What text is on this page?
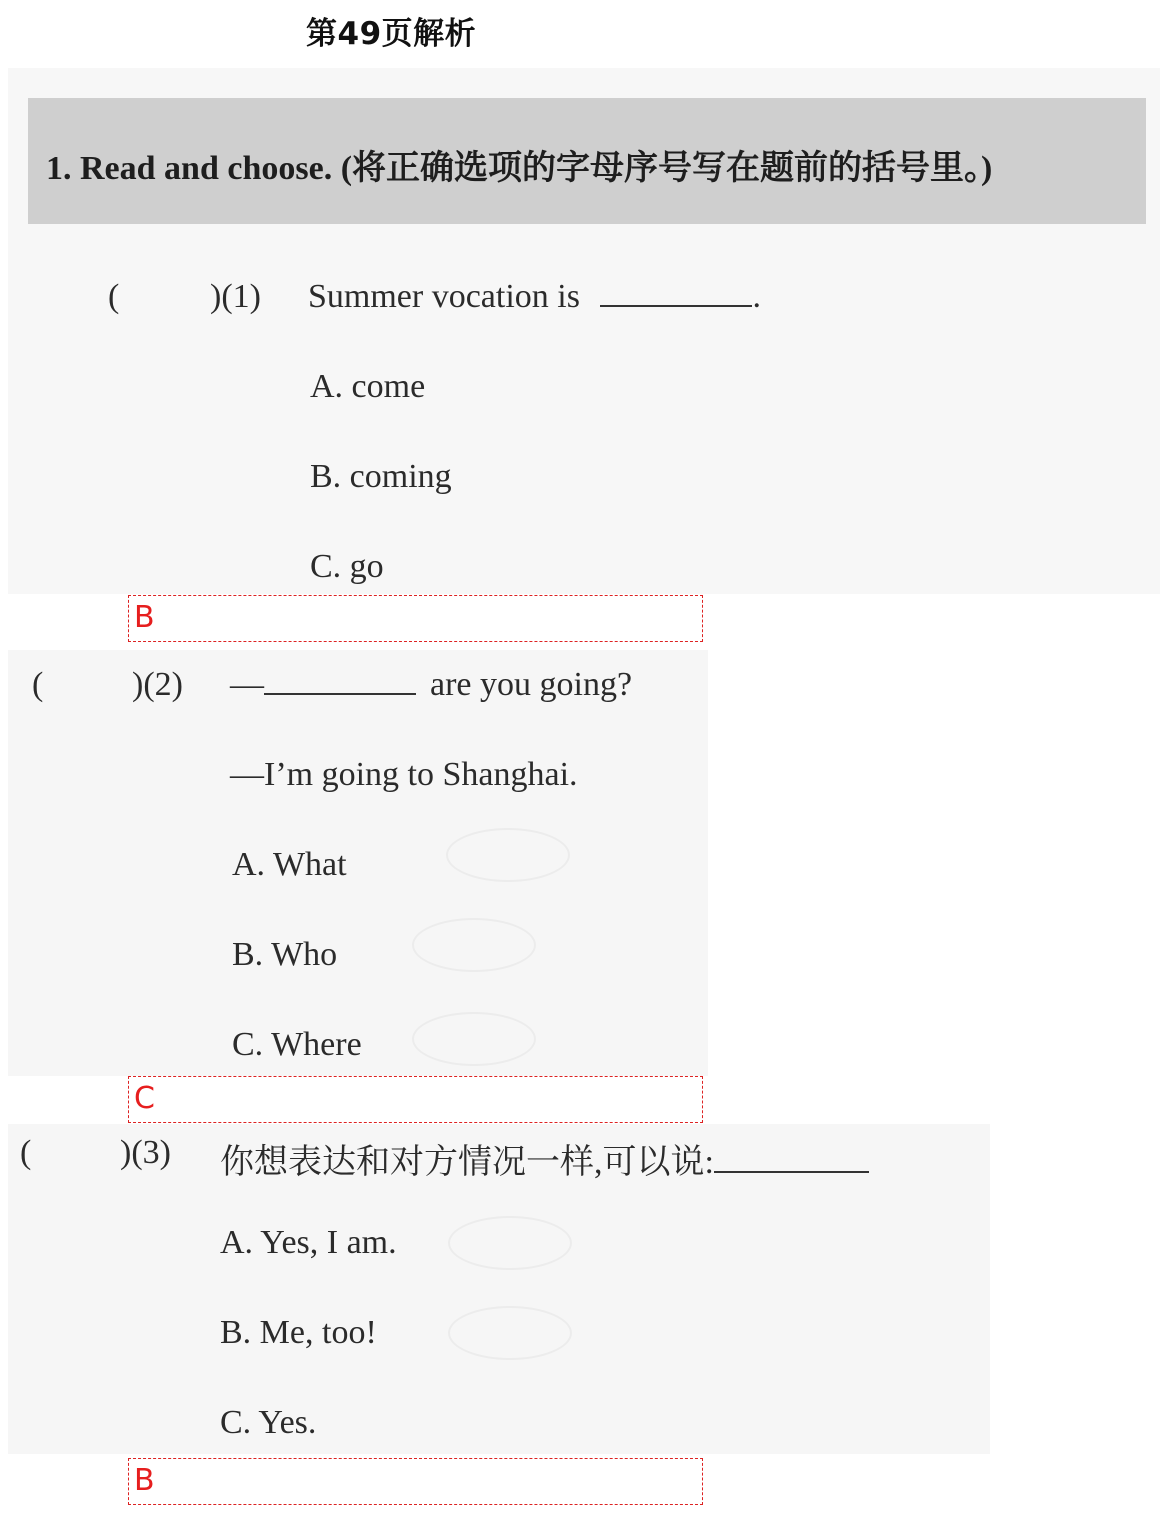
第49页解析
1. Read and choose. (将正确选项的字母序号写在题前的括号里。)
(	)(1) Summer vocation is	.
A. come
B. coming
C. go
B
(	)(2) —	are you going?
—I’m going to Shanghai.
A. What
B. Who
C. Where
C
(	)(3) 你想表达和对方情况一样,可以说:
A. Yes, I am.
B. Me, too!
C. Yes.
B
